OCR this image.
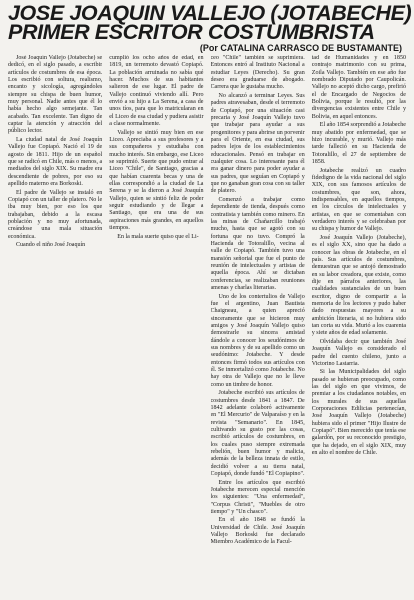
JOSE JOAQUIN VALLEJO (JOTABECHE)
PRIMER ESCRITOR COSTUMBRISTA
(Por CATALINA CARRASCO DE BUSTAMANTE)

José Joaquín Vallejo (Jotabeche) se dedicó, en el siglo pasado, a escribir artículos de costumbres de esa época. Los escribió con soltura, realismo, encanto y sicología, agregándoles siempre su chispa de buen humor, muy personal. Nadie antes que él lo había hecho algo semejante. Tan acabado. Tan excelente. Tan digno de captar la atención y atracción del público lector.

La ciudad natal de José Joaquín Vallejo fue Copiapó. Nació el 19 de agosto de 1811. Hijo de un español que se radicó en Chile, más o menos, a mediados del siglo XIX. Su madre era descendiente de pobres, por eso su apellido materno era Borkoski.

El padre de Vallejo se instaló en Copiapó con un taller de platero. No le iba muy bien, por eso los que trabajaban, debido a la escasa población y no muy afortunada, creándose una mala situación económica.

Cuando el niño José Joaquín

cumplió los ocho años de edad, en 1819, un terremoto devastó Copiapó. La población arruinada no sabía qué hacer. Muchos de sus habitantes salieron de ese lugar. El padre de Vallejo continuó viviendo allí. Pero envió a su hijo a La Serena, a casa de unos tíos, para que lo matricularan en el Liceo de esa ciudad y pudiera asistir a clase normalmente.

Vallejo se sintió muy bien en ese Liceo. Apreciaba a sus profesores y a sus compañeros y estudiaba con mucho interés. Sin embargo, ese Liceo se suprimió. Suerte que pudo entrar al Liceo "Chile", de Santiago, gracias a que habían cuarenta becas y una de ellas correspondió a la ciudad de La Serena y se la dieron a José Joaquín Vallejo, quien se sintió feliz de poder seguir estudiando y de llegar a Santiago, que era una de sus aspiraciones más grandes, en aquellos tiempos.

En la mala suerte quiso que el Li-

ceo "Chile" también se suprimiera. Entonces entró al Instituto Nacional a estudiar Leyes (Derecho). Su gran deseo era graduarse de abogado. Carrera que le gustaba mucho.

No alcanzó a terminar Leyes. Sus padres atravesaban, desde el terremoto de Copiapó, por una situación casi precaria y José Joaquín Vallejo tuvo que trabajar para ayudar a sus progenitores y para abrirse un porvenir para el Oriente, en esa ciudad, sus padres lejos de los establecimientos educacionales. Pensó en trabajar en cualquier cosa. Lo interesante para él era ganar dinero para poder ayudar a sus padres, que seguían en Copiapó y que no ganaban gran cosa con su taller de platero.

Comenzó a trabajar como dependiente de tienda, después como contratista y también como minero. En las minas de Chañarcillo trabajó mucho, hasta que se agotó con su fortuna que no tuvo. Compró la Hacienda de Totoralillo, vecina al valle de Copiapó. También tuvo una mansión señorial que fue el punto de reunión de intelectuales y artistas de aquella época. Ahí se dictaban conferencias, se realizaban reuniones amenas y charlas literarias.

Uno de los contertulios de Vallejo fue el argentino, Juan Bautista Chaigneau, a quien apreció sinceramente que se hicieron muy amigos y José Joaquín Vallejo quiso demostrarle su sincera amistad dándole a conocer los seudónimos de sus nombres y de su apellido como un seudónimo: Jotabeche. Y desde entonces firmó todos sus artículos con él. Se inmortalizó como Jotabeche. No hay otra de Vallejo que no le lleve como un timbre de honor.

Jotabeche escribió sus artículos de costumbres desde 1841 a 1847. De 1842 adelante colaboró activamente en "El Mercurio" de Valparaíso y en la revista "Semanario". En 1845, cultivando su gusto por las cosas, escribió artículos de costumbres, en los cuales puso siempre extremada rebelión, buen humor y malicia, además de la belleza innata de estilo, decidió volver a su tierra natal, Copiapó, donde fundó "El Copiapino".

Entre los artículos que escribió Jotabeche merecen especial mención los siguientes: "Una enfermedad", "Corpus Christi", "Muebles de otro tiempo" y "Un chasco".

En el año 1848 se fundó la Universidad de Chile. José Joaquín Vallejo Borkoski fue declarado Miembro Académico de la Facul-

tad de Humanidades y en 1850 contrajo matrimonio con su prima, Zoila Vallejo. También en ese año fue nombrado Diputado por Caupolicán. Vallejo no aceptó dicho cargo, prefirió el de Encargado de Negocios de Bolivia, porque le resultó, por las divergencias existentes entre Chile y Bolivia, en aquel entonces.

El año 1854 sorprendió a Jotabeche muy abatido por enfermedad, que se hizo incurable, y murió. Vallejo más tarde falleció en su Hacienda de Totoralillo, el 27 de septiembre de 1858.

Jotabeche realizó un cuadro fidedigno de la vida nacional del siglo XIX, con sus famosos artículos de costumbres, que son, ahora, indispensables, en aquellos tiempos, en los círculos de intelectuales y artistas, en que se comentaban con verdadero interés y se celebraban por su chispa y humor de Vallejo.

José Joaquín Vallejo (Jotabeche), es el siglo XX, sino que ha dado a conocer las obras de Jotabeche, en el país. Sus artículos de costumbres, demuestran que se antojó demostrado en su labor creadora, que existe, como dije en párrafos anteriores, las cualidades sustanciales de un buen escritor, digno de compartir a la memoria de los lectores y pudo haber dado respuestas mayores a su ambición literaria, si no hubiera sido tan corta su vida. Murió a los cuarenta y siete años de edad solamente.

Olvidaba decir que también José Joaquín Vallejo es considerado el padre del cuento chileno, junto a Victorino Lastarria.

Si las Municipalidades del siglo pasado se hubieran preocupado, como las del siglo en que vivimos, de premiar a los ciudadanos notables, en los murales de sus aquellas Corporaciones Edilicias pertenecían, José Joaquín Vallejo (Jotabeche) hubiera sido el primer "Hijo Ilustre de Copiapó". Bien merecido que tenía ese galardón, por su reconocido prestigio, que ha dejado, en el siglo XIX, muy en alto el nombre de Chile.
